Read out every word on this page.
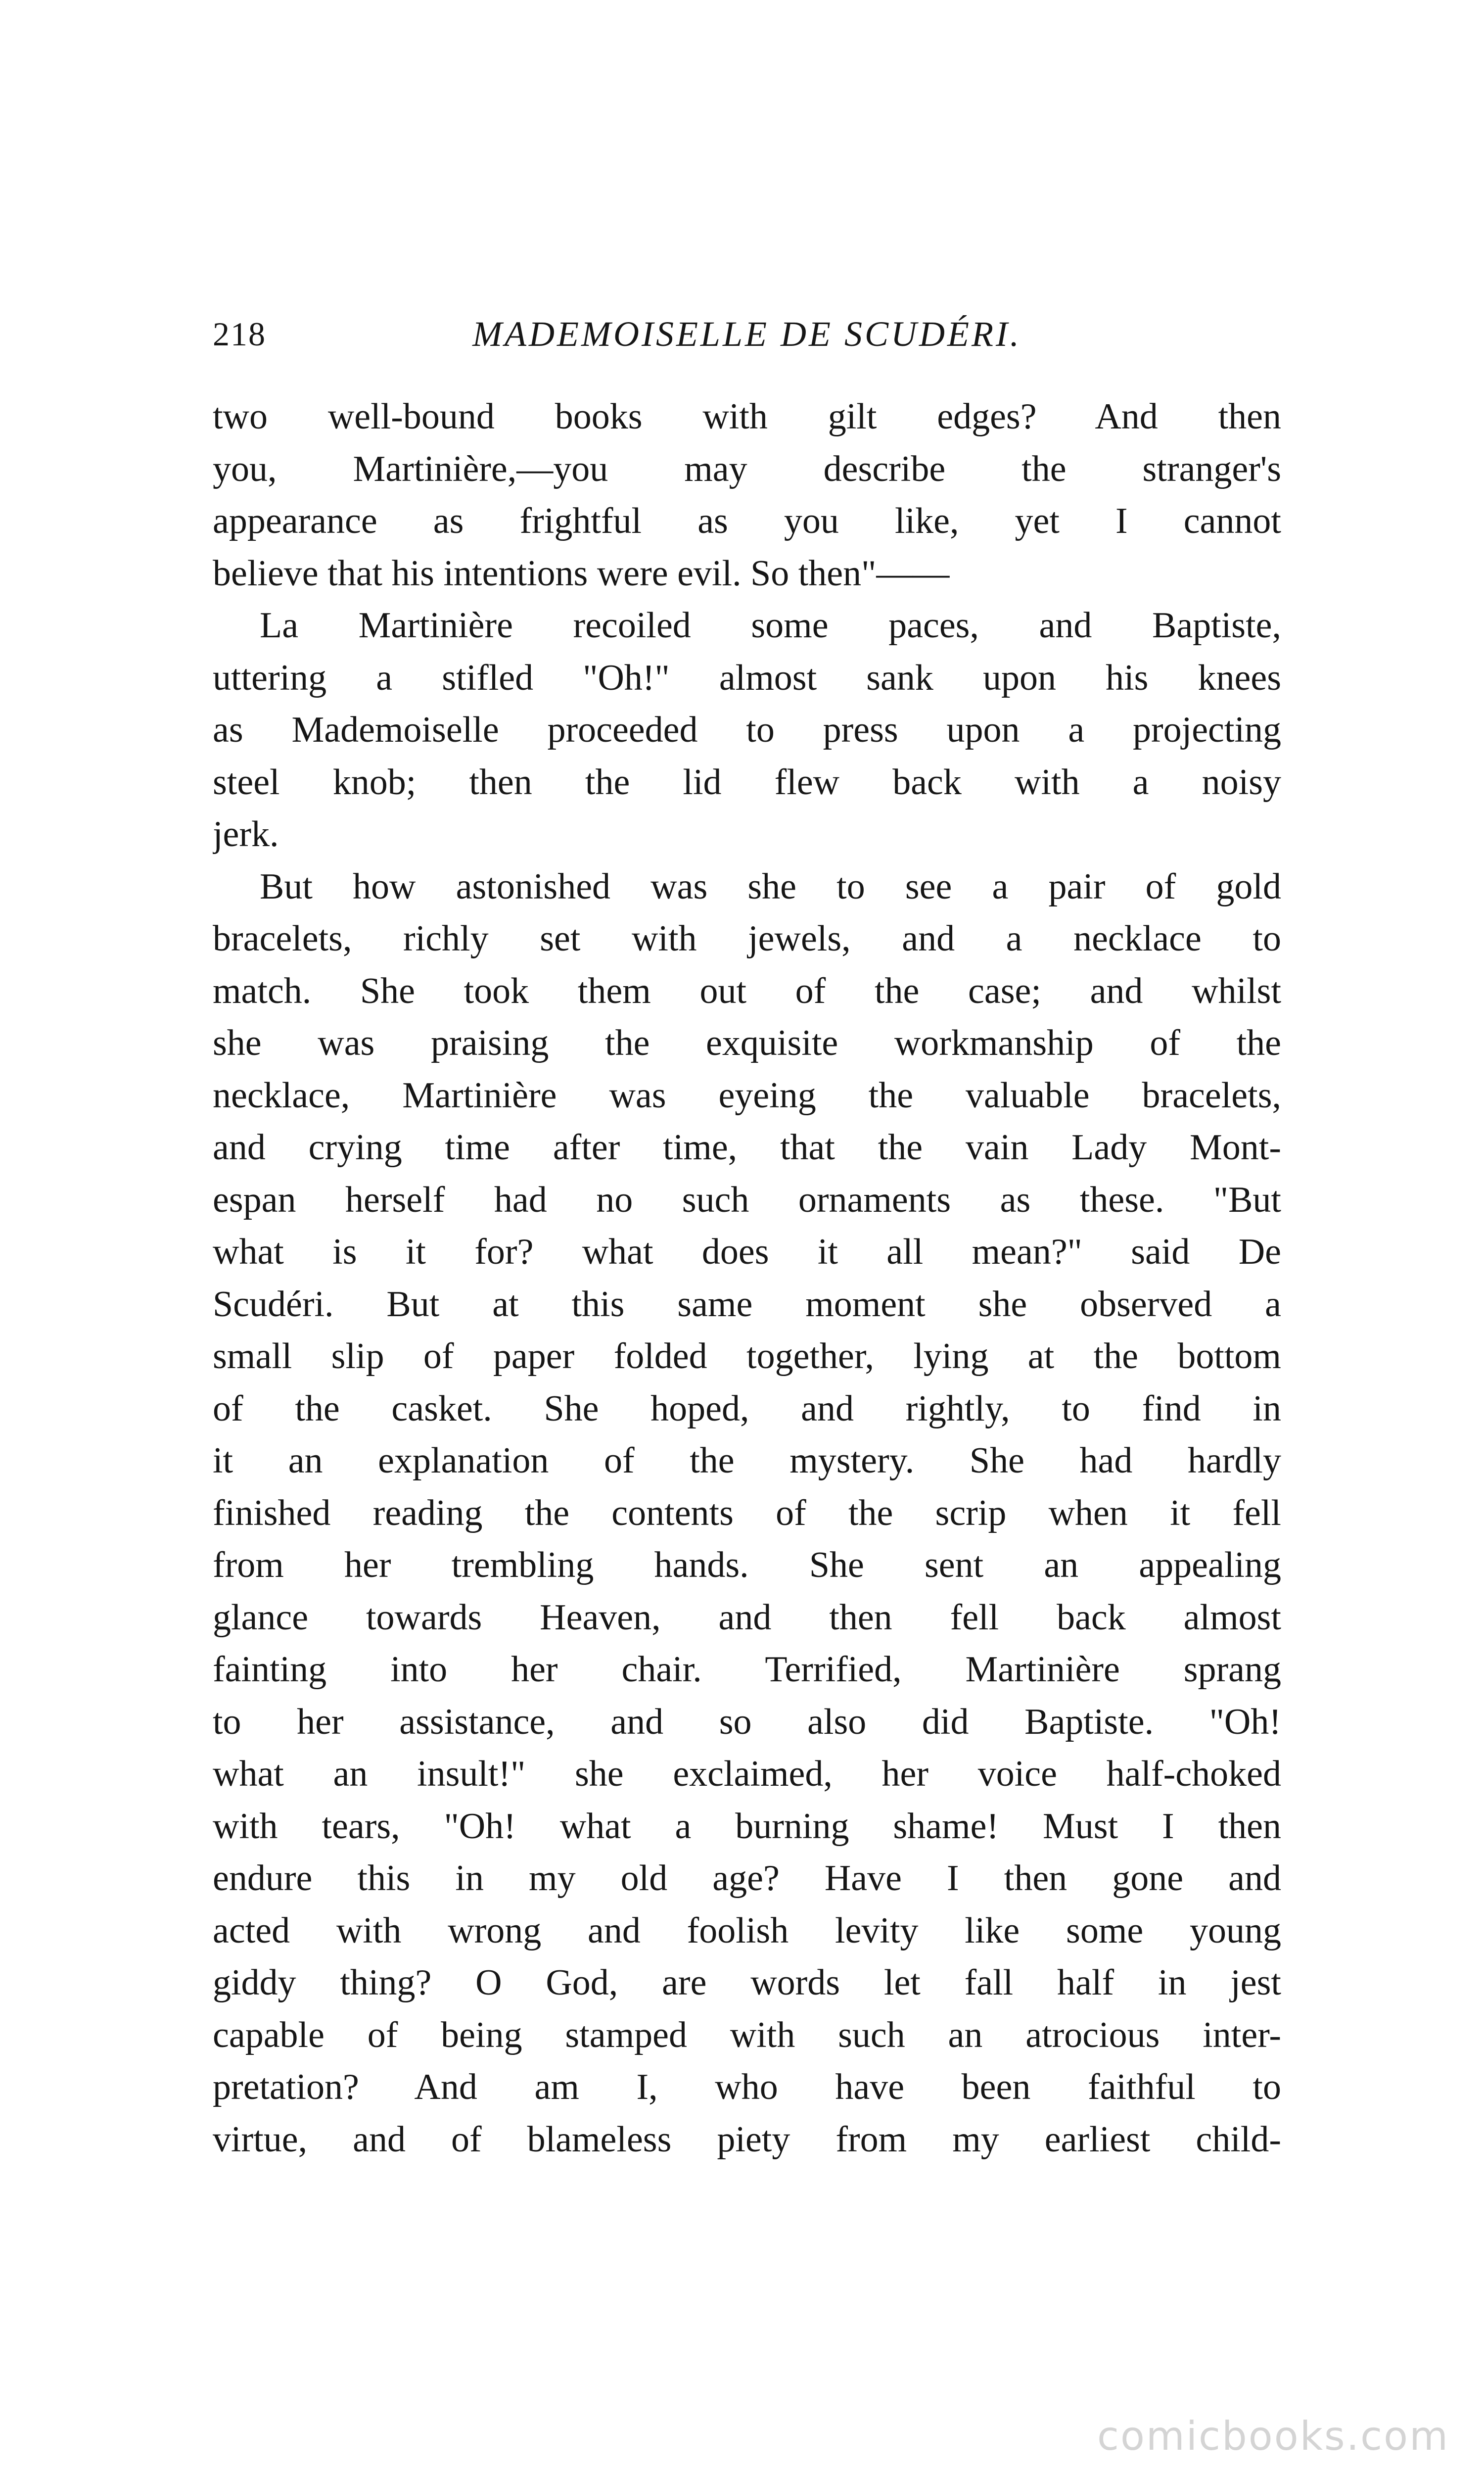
218	MADEMOISELLE DE SCUDÉRI.
two well-bound books with gilt edges? And then
you, Martinière,—you may describe the stranger's
appearance as frightful as you like, yet I cannot
believe that his intentions were evil. So then"——
La Martinière recoiled some paces, and Baptiste,
uttering a stifled "Oh!" almost sank upon his knees
as Mademoiselle proceeded to press upon a projecting
steel knob; then the lid flew back with a noisy
jerk.
But how astonished was she to see a pair of gold
bracelets, richly set with jewels, and a necklace to
match. She took them out of the case; and whilst
she was praising the exquisite workmanship of the
necklace, Martinière was eyeing the valuable bracelets,
and crying time after time, that the vain Lady Mont-
espan herself had no such ornaments as these. "But
what is it for? what does it all mean?" said De
Scudéri. But at this same moment she observed a
small slip of paper folded together, lying at the bottom
of the casket. She hoped, and rightly, to find in
it an explanation of the mystery. She had hardly
finished reading the contents of the scrip when it fell
from her trembling hands. She sent an appealing
glance towards Heaven, and then fell back almost
fainting into her chair. Terrified, Martinière sprang
to her assistance, and so also did Baptiste. "Oh!
what an insult!" she exclaimed, her voice half-choked
with tears, "Oh! what a burning shame! Must I then
endure this in my old age? Have I then gone and
acted with wrong and foolish levity like some young
giddy thing? O God, are words let fall half in jest
capable of being stamped with such an atrocious inter-
pretation? And am I, who have been faithful to
virtue, and of blameless piety from my earliest child-
comicbooks.com
